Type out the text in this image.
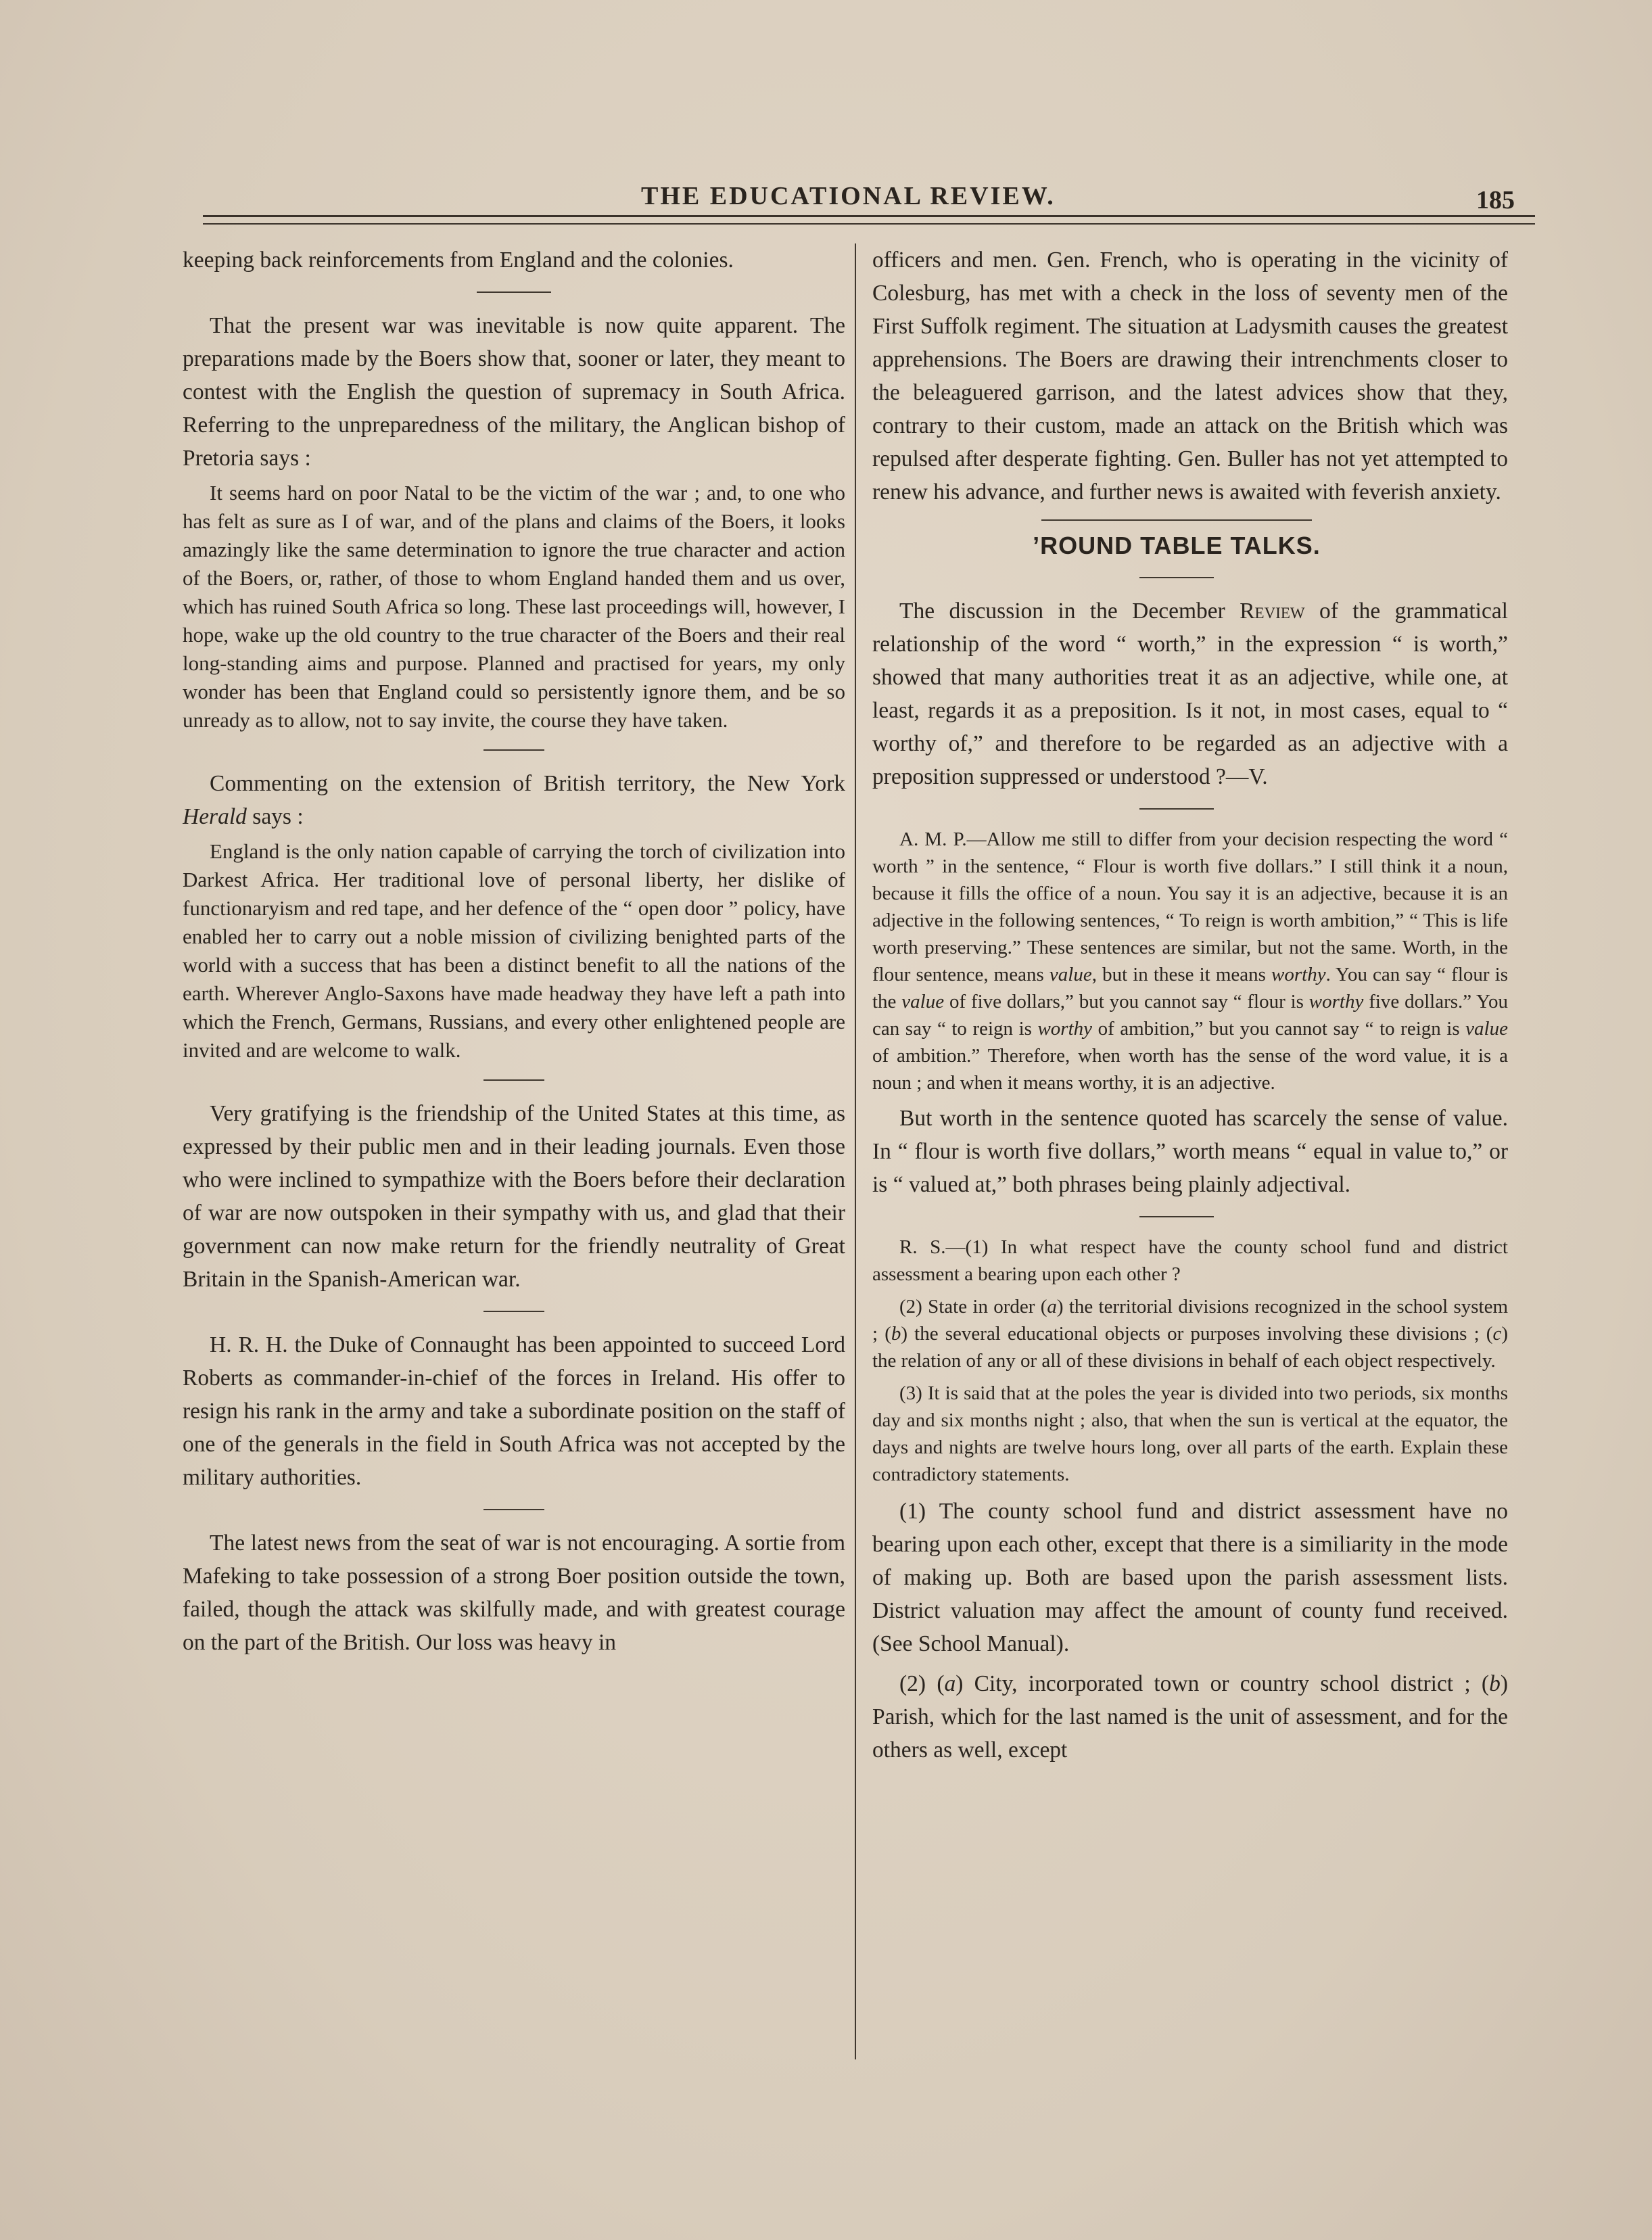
THE EDUCATIONAL REVIEW.	185

keeping back reinforcements from England and the colonies.

That the present war was inevitable is now quite apparent. The preparations made by the Boers show that, sooner or later, they meant to contest with the English the question of supremacy in South Africa. Referring to the unpreparedness of the military, the Anglican bishop of Pretoria says :

It seems hard on poor Natal to be the victim of the war ; and, to one who has felt as sure as I of war, and of the plans and claims of the Boers, it looks amazingly like the same determination to ignore the true character and action of the Boers, or, rather, of those to whom England handed them and us over, which has ruined South Africa so long. These last proceedings will, however, I hope, wake up the old country to the true character of the Boers and their real long-standing aims and purpose. Planned and practised for years, my only wonder has been that England could so persistently ignore them, and be so unready as to allow, not to say invite, the course they have taken.

Commenting on the extension of British territory, the New York Herald says :

England is the only nation capable of carrying the torch of civilization into Darkest Africa. Her traditional love of personal liberty, her dislike of functionaryism and red tape, and her defence of the “ open door ” policy, have enabled her to carry out a noble mission of civilizing benighted parts of the world with a success that has been a distinct benefit to all the nations of the earth. Wherever Anglo-Saxons have made headway they have left a path into which the French, Germans, Russians, and every other enlightened people are invited and are welcome to walk.

Very gratifying is the friendship of the United States at this time, as expressed by their public men and in their leading journals. Even those who were inclined to sympathize with the Boers before their declaration of war are now outspoken in their sympathy with us, and glad that their government can now make return for the friendly neutrality of Great Britain in the Spanish-American war.

H. R. H. the Duke of Connaught has been appointed to succeed Lord Roberts as commander-in-chief of the forces in Ireland. His offer to resign his rank in the army and take a subordinate position on the staff of one of the generals in the field in South Africa was not accepted by the military authorities.

The latest news from the seat of war is not encouraging. A sortie from Mafeking to take possession of a strong Boer position outside the town, failed, though the attack was skilfully made, and with greatest courage on the part of the British. Our loss was heavy in

officers and men. Gen. French, who is operating in the vicinity of Colesburg, has met with a check in the loss of seventy men of the First Suffolk regiment. The situation at Ladysmith causes the greatest apprehensions. The Boers are drawing their intrenchments closer to the beleaguered garrison, and the latest advices show that they, contrary to their custom, made an attack on the British which was repulsed after desperate fighting. Gen. Buller has not yet attempted to renew his advance, and further news is awaited with feverish anxiety.

’ROUND TABLE TALKS.

The discussion in the December Review of the grammatical relationship of the word “ worth,” in the expression “ is worth,” showed that many authorities treat it as an adjective, while one, at least, regards it as a preposition. Is it not, in most cases, equal to “ worthy of,” and therefore to be regarded as an adjective with a preposition suppressed or understood ?—V.

A. M. P.—Allow me still to differ from your decision respecting the word “ worth ” in the sentence, “ Flour is worth five dollars.” I still think it a noun, because it fills the office of a noun. You say it is an adjective, because it is an adjective in the following sentences, “ To reign is worth ambition,” “ This is life worth preserving.” These sentences are similar, but not the same. Worth, in the flour sentence, means value, but in these it means worthy. You can say “ flour is the value of five dollars,” but you cannot say “ flour is worthy five dollars.” You can say “ to reign is worthy of ambition,” but you cannot say “ to reign is value of ambition.” Therefore, when worth has the sense of the word value, it is a noun ; and when it means worthy, it is an adjective.

But worth in the sentence quoted has scarcely the sense of value. In “ flour is worth five dollars,” worth means “ equal in value to,” or is “ valued at,” both phrases being plainly adjectival.

R. S.—(1) In what respect have the county school fund and district assessment a bearing upon each other ?

(2) State in order (a) the territorial divisions recognized in the school system ; (b) the several educational objects or purposes involving these divisions ; (c) the relation of any or all of these divisions in behalf of each object respectively.

(3) It is said that at the poles the year is divided into two periods, six months day and six months night ; also, that when the sun is vertical at the equator, the days and nights are twelve hours long, over all parts of the earth. Explain these contradictory statements.

(1) The county school fund and district assessment have no bearing upon each other, except that there is a similiarity in the mode of making up. Both are based upon the parish assessment lists. District valuation may affect the amount of county fund received. (See School Manual).

(2) (a) City, incorporated town or country school district ; (b) Parish, which for the last named is the unit of assessment, and for the others as well, except
